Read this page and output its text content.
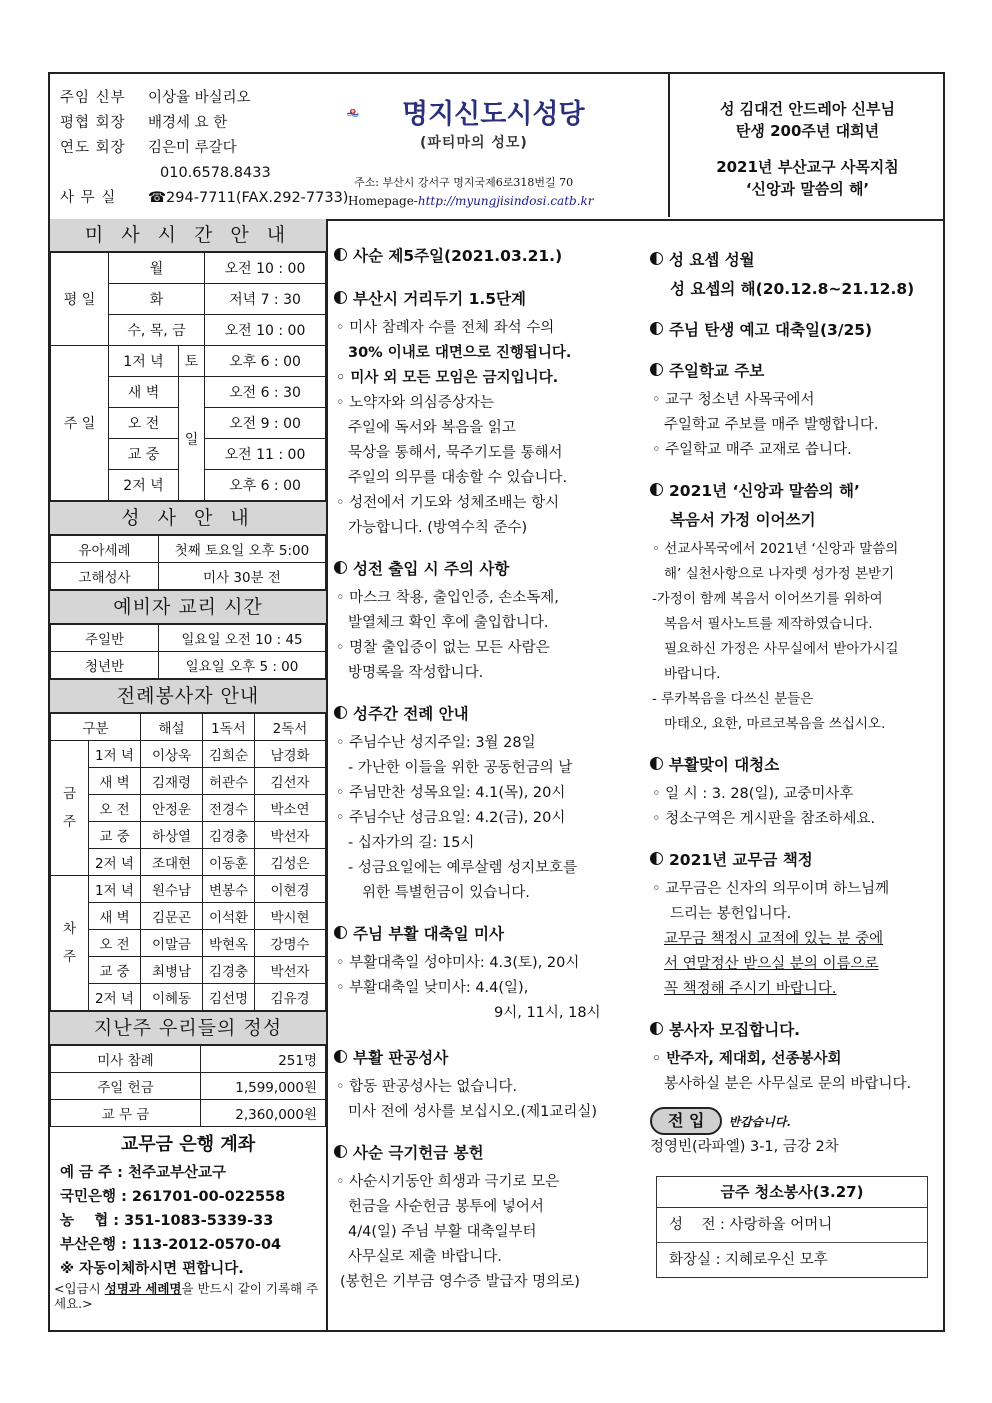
주임 신부 이상율 바실리오
평협 회장 배경세 요 한
연도 회장 김은미 루갈다
010.6578.8433
사 무 실 ☎294-7711(FAX.292-7733)
명지신도시성당
(파티마의 성모)
주소: 부산시 강서구 명지국제6로318번길 70
Homepage-http://myungjisindosi.catb.kr
성 김대건 안드레아 신부님
탄생 200주년 대희년
2021년 부산교구 사목지침
‘신앙과 말씀의 해’
미 사 시 간 안 내
평 일	월		오전 10 : 00
	화		저녁 7 : 30
	수, 목, 금		오전 10 : 00
주 일	1저 녁	토	오후 6 : 00
	새 벽	일	오전 6 : 30
	오 전		오전 9 : 00
	교 중		오전 11 : 00
	2저 녁		오후 6 : 00
성 사 안 내
유아세례	첫째 토요일 오후 5:00
고해성사	미사 30분 전
예비자 교리 시간
주일반	일요일 오전 10 : 45
청년반	일요일 오후 5 : 00
전례봉사자 안내
구분		해설	1독서	2독서
금

주	1저 녁	이상욱	김희순	남경화
	새 벽	김재령	허관수	김선자
	오 전	안정운	전경수	박소연
	교 중	하상열	김경충	박선자
	2저 녁	조대현	이동훈	김성은
차

주	1저 녁	원수남	변봉수	이현경
	새 벽	김문곤	이석환	박시현
	오 전	이말금	박현옥	강명수
	교 중	최병남	김경충	박선자
	2저 녁	이혜동	김선명	김유경
지난주 우리들의 정성
미사 참례	251명
주일 헌금	1,599,000원
교 무 금	2,360,000원
교무금 은행 계좌
예 금 주 : 천주교부산교구
국민은행 : 261701-00-022558
농    협 : 351-1083-5339-33
부산은행 : 113-2012-0570-04
※ 자동이체하시면 편합니다.
<입금시 성명과 세례명을 반드시 같이 기록해 주세요.>
사순 제5주일(2021.03.21.)
부산시 거리두기 1.5단계
◦ 미사 참례자 수를 전체 좌석 수의
30% 이내로 대면으로 진행됩니다.
◦ 미사 외 모든 모임은 금지입니다.
◦ 노약자와 의심증상자는
주일에 독서와 복음을 읽고
묵상을 통해서, 묵주기도를 통해서
주일의 의무를 대송할 수 있습니다.
◦ 성전에서 기도와 성체조배는 항시
가능합니다. (방역수칙 준수)
성전 출입 시 주의 사항
◦ 마스크 착용, 출입인증, 손소독제,
발열체크 확인 후에 출입합니다.
◦ 명찰 출입증이 없는 모든 사람은
방명록을 작성합니다.
성주간 전례 안내
◦ 주님수난 성지주일: 3월 28일
- 가난한 이들을 위한 공동헌금의 날
◦ 주님만찬 성목요일: 4.1(목), 20시
◦ 주님수난 성금요일: 4.2(금), 20시
- 십자가의 길: 15시
- 성금요일에는 예루살렘 성지보호를
위한 특별헌금이 있습니다.
주님 부활 대축일 미사
◦ 부활대축일 성야미사: 4.3(토), 20시
◦ 부활대축일 낮미사: 4.4(일),
9시, 11시, 18시
부활 판공성사
◦ 합동 판공성사는 없습니다.
미사 전에 성사를 보십시오.(제1교리실)
사순 극기헌금 봉헌
◦ 사순시기동안 희생과 극기로 모은
헌금을 사순헌금 봉투에 넣어서
4/4(일) 주님 부활 대축일부터
사무실로 제출 바랍니다.
(봉헌은 기부금 영수증 발급자 명의로)
성 요셉 성월
성 요셉의 해(20.12.8~21.12.8)
주님 탄생 예고 대축일(3/25)
주일학교 주보
◦ 교구 청소년 사목국에서
주일학교 주보를 매주 발행합니다.
◦ 주일학교 매주 교재로 씁니다.
2021년 ‘신앙과 말씀의 해’
복음서 가정 이어쓰기
◦ 선교사목국에서 2021년 ‘신앙과 말씀의
해’ 실천사항으로 나자렛 성가정 본받기
-가정이 함께 복음서 이어쓰기를 위하여
복음서 필사노트를 제작하였습니다.
필요하신 가정은 사무실에서 받아가시길
바랍니다.
- 루카복음을 다쓰신 분들은
마태오, 요한, 마르코복음을 쓰십시오.
부활맞이 대청소
◦ 일 시 : 3. 28(일), 교중미사후
◦ 청소구역은 게시판을 참조하세요.
2021년 교무금 책정
◦ 교무금은 신자의 의무이며 하느님께
드리는 봉헌입니다.
교무금 책정시 교적에 있는 분 중에
서 연말정산 받으실 분의 이름으로
꼭 책정해 주시기 바랍니다.
봉사자 모집합니다.
◦ 반주자, 제대회, 선종봉사회
봉사하실 분은 사무실로 문의 바랍니다.
전 입 반갑습니다.
정영빈(라파엘) 3-1, 금강 2차
금주 청소봉사(3.27)
성    전 : 사랑하올 어머니
화장실 : 지혜로우신 모후
